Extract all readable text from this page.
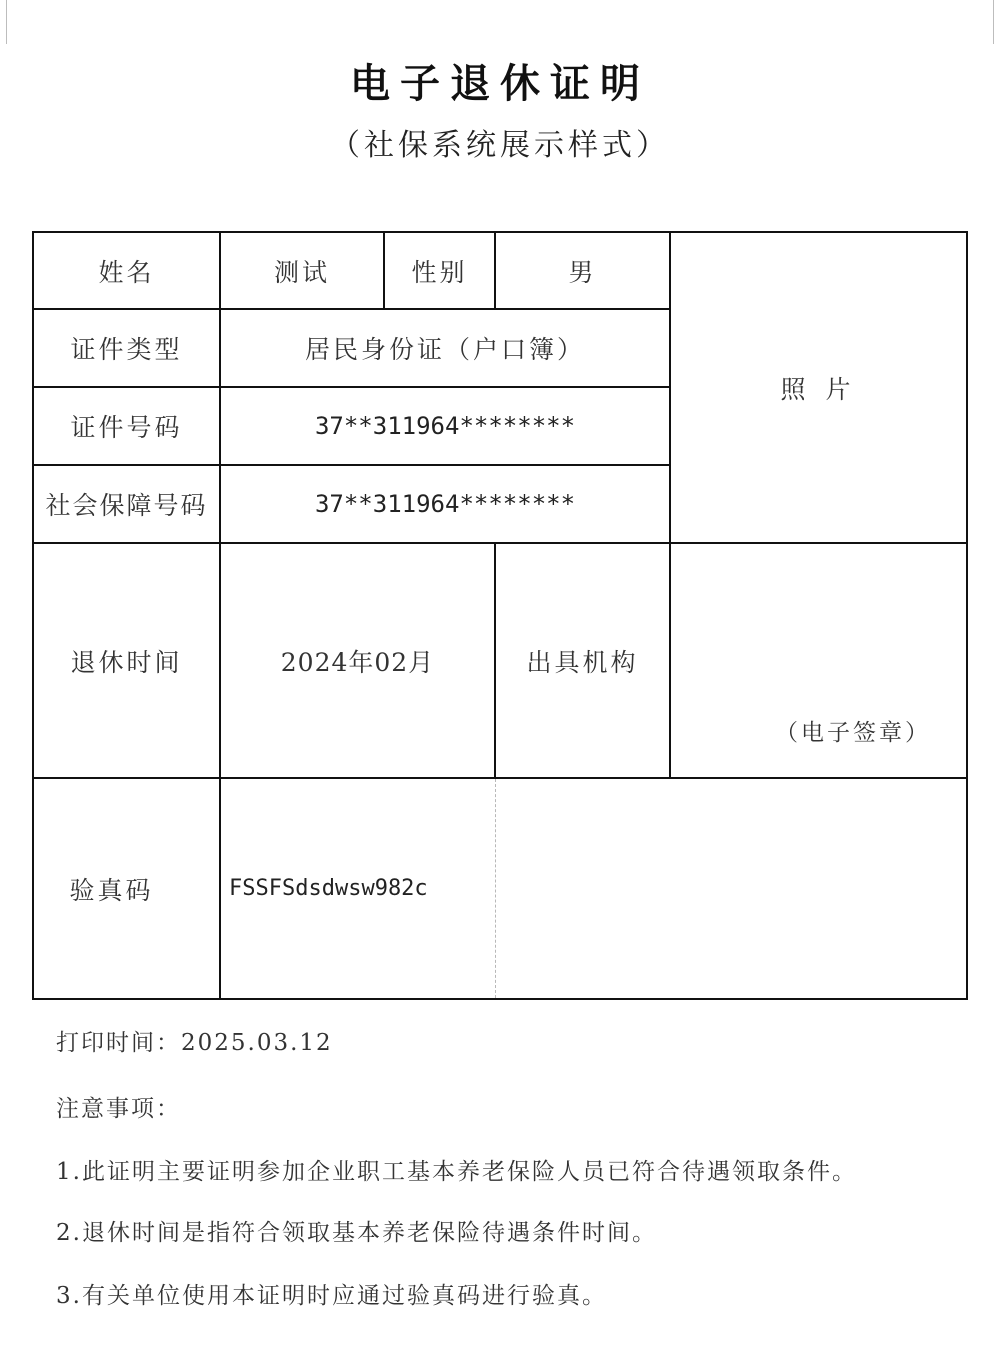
电子退休证明
（社保系统展示样式）
姓名	测试	性别	男
照 片
证件类型	居民身份证（户口簿）
证件号码	37**311964********
社会保障号码	37**311964********
退休时间	2024年02月	出具机构
（电子签章）
验真码	FSSFSdsdwsw982c
打印时间：2025.03.12
注意事项：
1.此证明主要证明参加企业职工基本养老保险人员已符合待遇领取条件。
2.退休时间是指符合领取基本养老保险待遇条件时间。
3.有关单位使用本证明时应通过验真码进行验真。
